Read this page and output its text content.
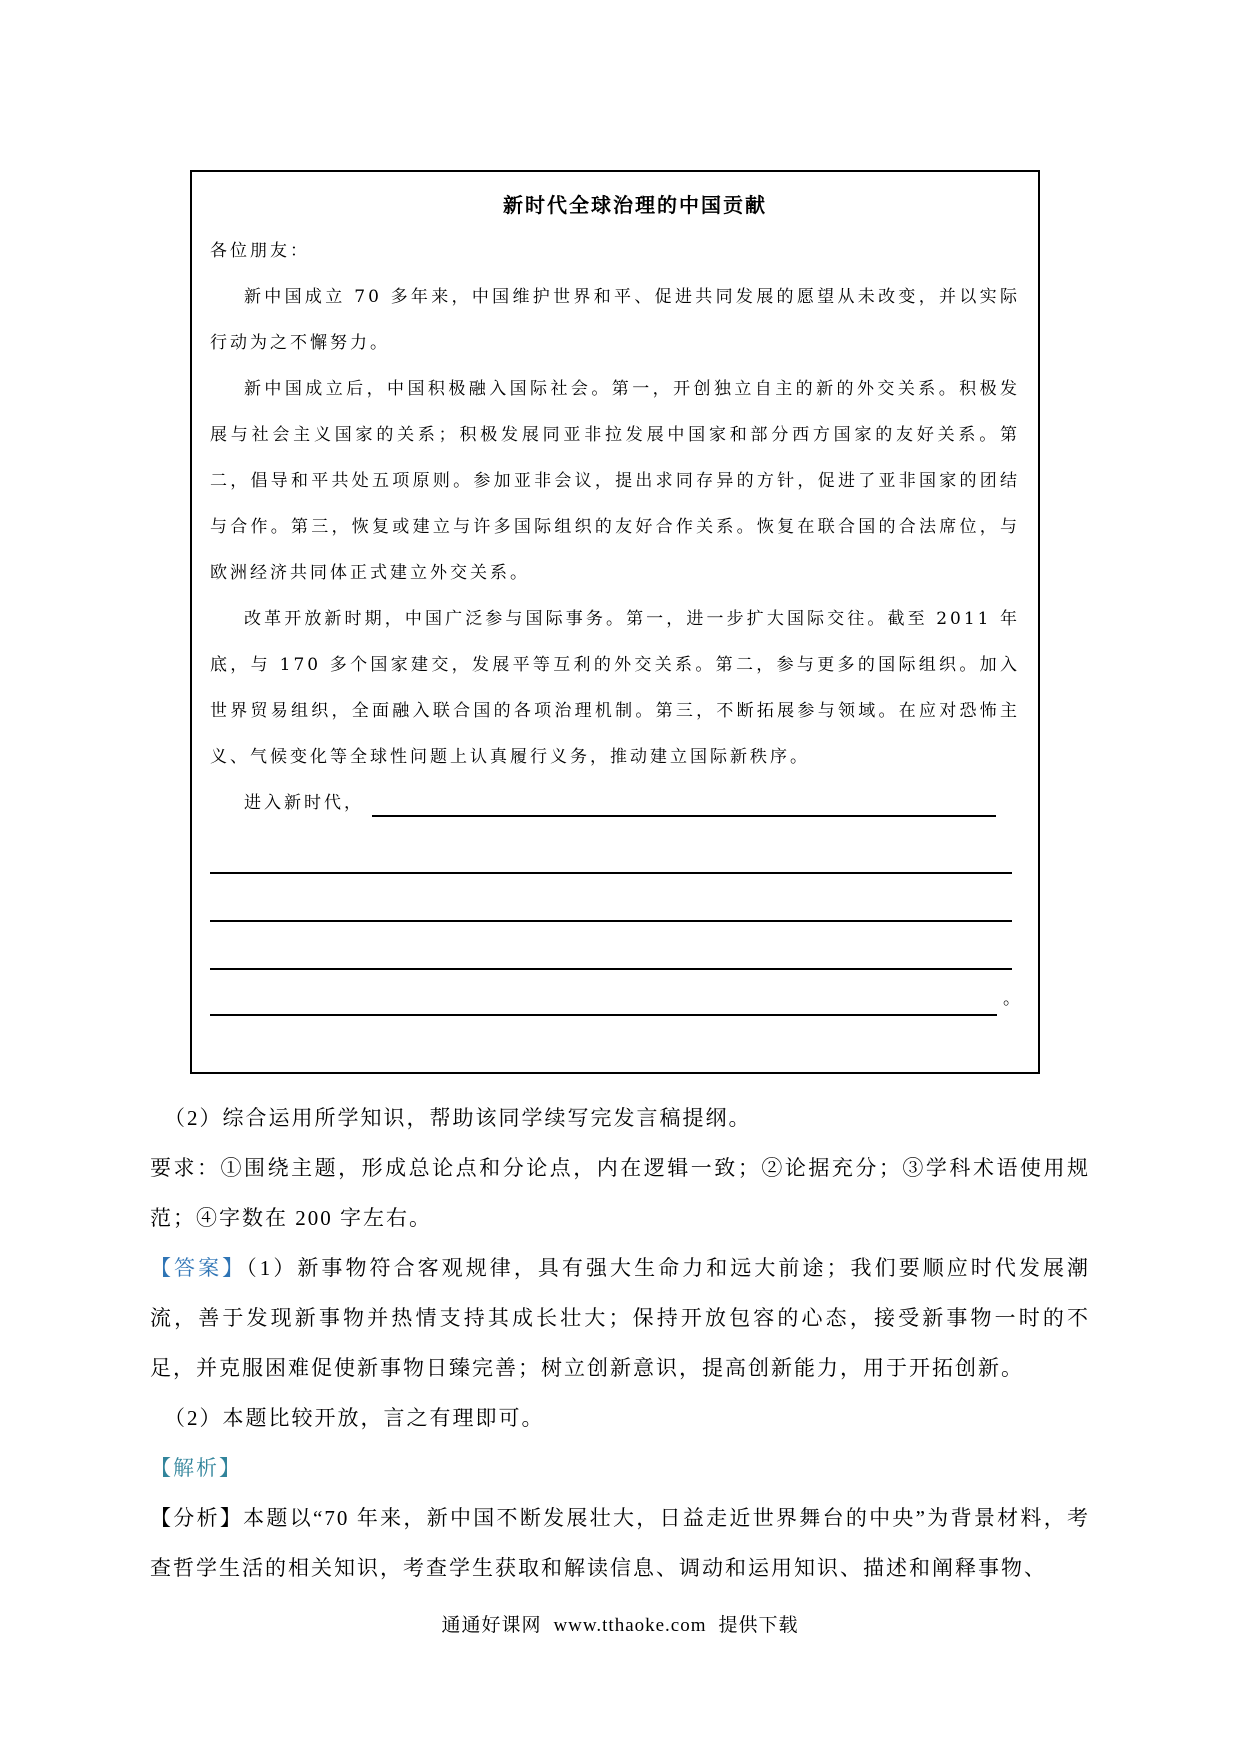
新时代全球治理的中国贡献

各位朋友：

新中国成立 70 多年来，中国维护世界和平、促进共同发展的愿望从未改变，并以实际行动为之不懈努力。

新中国成立后，中国积极融入国际社会。第一，开创独立自主的新的外交关系。积极发展与社会主义国家的关系；积极发展同亚非拉发展中国家和部分西方国家的友好关系。第二，倡导和平共处五项原则。参加亚非会议，提出求同存异的方针，促进了亚非国家的团结与合作。第三，恢复或建立与许多国际组织的友好合作关系。恢复在联合国的合法席位，与欧洲经济共同体正式建立外交关系。

改革开放新时期，中国广泛参与国际事务。第一，进一步扩大国际交往。截至 2011 年底，与 170 多个国家建交，发展平等互利的外交关系。第二，参与更多的国际组织。加入世界贸易组织，全面融入联合国的各项治理机制。第三，不断拓展参与领域。在应对恐怖主义、气候变化等全球性问题上认真履行义务，推动建立国际新秩序。

进入新时代，
。

（2）综合运用所学知识，帮助该同学续写完发言稿提纲。

要求：①围绕主题，形成总论点和分论点，内在逻辑一致；②论据充分；③学科术语使用规范；④字数在 200 字左右。

【答案】（1）新事物符合客观规律，具有强大生命力和远大前途；我们要顺应时代发展潮流，善于发现新事物并热情支持其成长壮大；保持开放包容的心态，接受新事物一时的不足，并克服困难促使新事物日臻完善；树立创新意识，提高创新能力，用于开拓创新。

（2）本题比较开放，言之有理即可。

【解析】

【分析】本题以“70 年来，新中国不断发展壮大，日益走近世界舞台的中央”为背景材料，考查哲学生活的相关知识，考查学生获取和解读信息、调动和运用知识、描述和阐释事物、

通通好课网 www.tthaoke.com 提供下载
